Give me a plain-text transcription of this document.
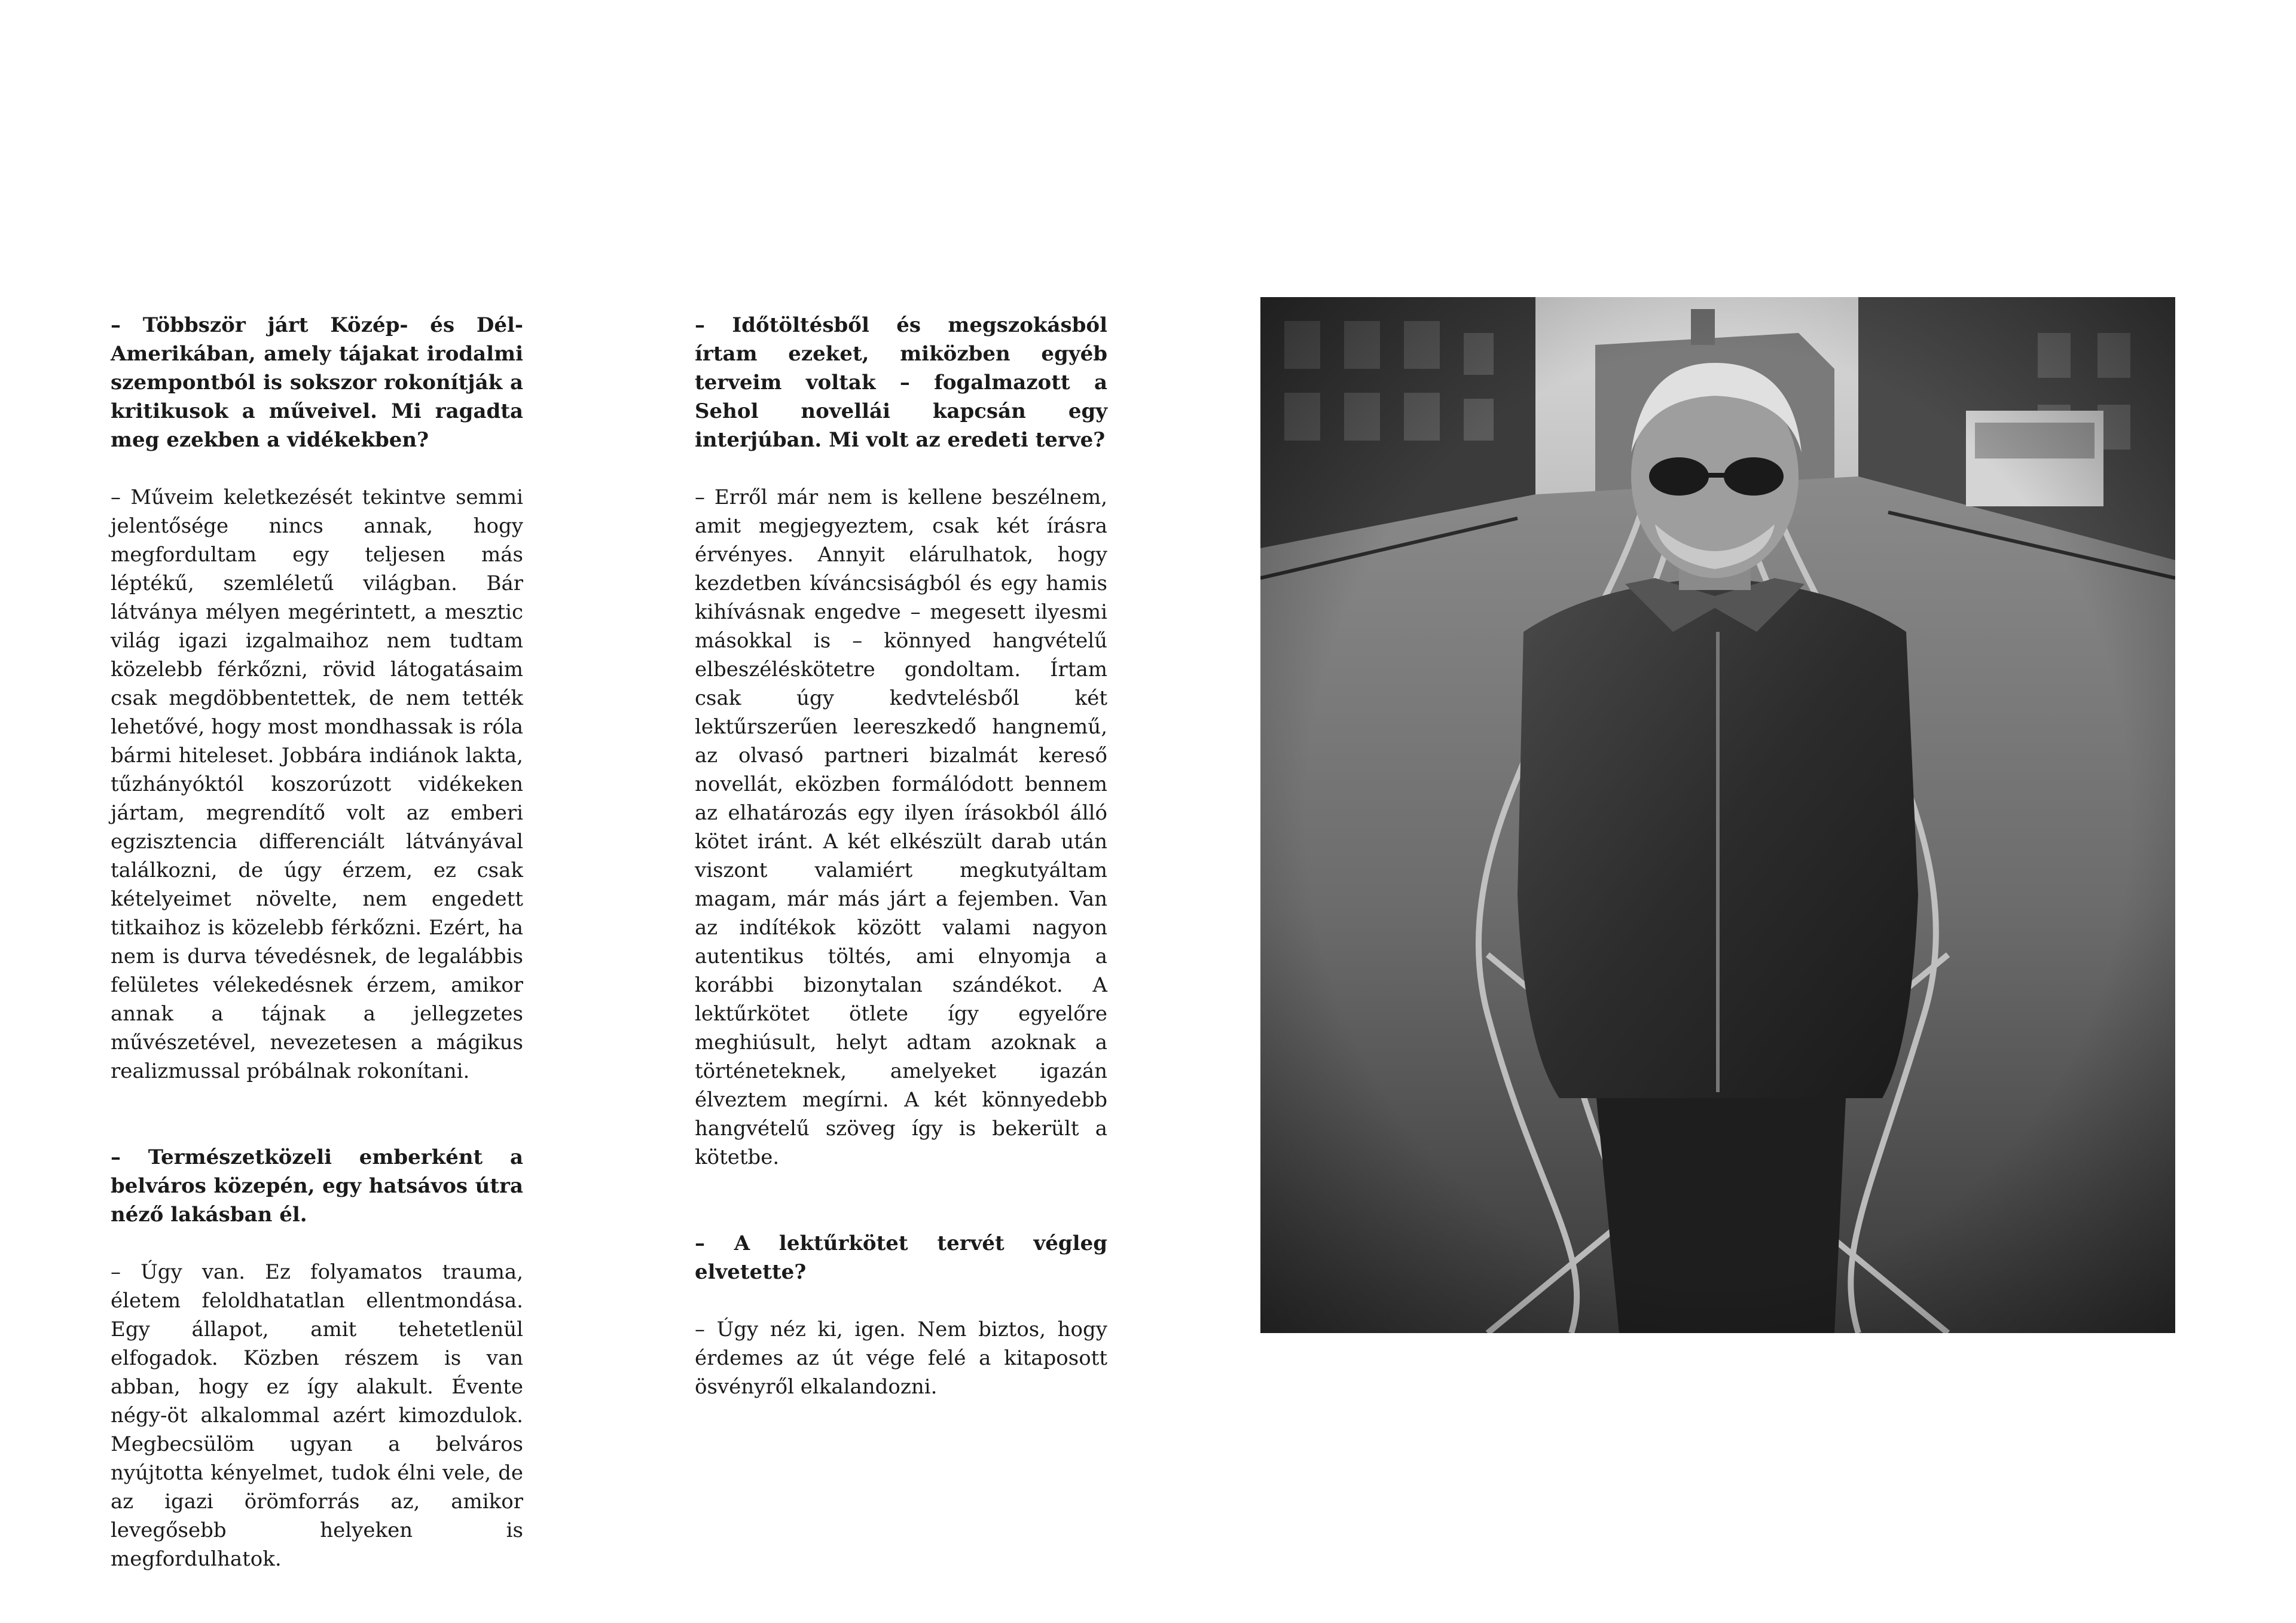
– Többször járt Közép- és Dél-Amerikában, amely tájakat irodalmi szempontból is sokszor rokonítják a kritikusok a műveivel. Mi ragadta meg ezekben a vidékekben?

– Műveim keletkezését tekintve semmi jelentősége nincs annak, hogy megfordultam egy teljesen más léptékű, szemléletű világban. Bár látványa mélyen megérintett, a mesztic világ igazi izgalmaihoz nem tudtam közelebb férkőzni, rövid látogatásaim csak megdöbbentettek, de nem tették lehetővé, hogy most mondhassak is róla bármi hiteleset. Jobbára indiánok lakta, tűzhányóktól koszorúzott vidékeken jártam, megrendítő volt az emberi egzisztencia differenciált látványával találkozni, de úgy érzem, ez csak kételyeimet növelte, nem engedett titkaihoz is közelebb férkőzni. Ezért, ha nem is durva tévedésnek, de legalábbis felületes vélekedésnek érzem, amikor annak a tájnak a jellegzetes művészetével, nevezetesen a mágikus realizmussal próbálnak rokonítani.

– Természetközeli emberként a belváros közepén, egy hatsávos útra néző lakásban él.

– Úgy van. Ez folyamatos trauma, életem feloldhatatlan ellentmondása. Egy állapot, amit tehetetlenül elfogadok. Közben részem is van abban, hogy ez így alakult. Évente négy-öt alkalommal azért kimozdulok. Megbecsülöm ugyan a belváros nyújtotta kényelmet, tudok élni vele, de az igazi örömforrás az, amikor levegősebb helyeken is megfordulhatok.

– Időtöltésből és megszokásból írtam ezeket, miközben egyéb terveim voltak – fogalmazott a Sehol novellái kapcsán egy interjúban. Mi volt az eredeti terve?

– Erről már nem is kellene beszélnem, amit megjegyeztem, csak két írásra érvényes. Annyit elárulhatok, hogy kezdetben kíváncsiságból és egy hamis kihívásnak engedve – megesett ilyesmi másokkal is – könnyed hangvételű elbeszéléskötetre gondoltam. Írtam csak úgy kedvtelésből két lektűrszerűen leereszkedő hangnemű, az olvasó partneri bizalmát kereső novellát, eközben formálódott bennem az elhatározás egy ilyen írásokból álló kötet iránt. A két elkészült darab után viszont valamiért megkutyáltam magam, már más járt a fejemben. Van az indítékok között valami nagyon autentikus töltés, ami elnyomja a korábbi bizonytalan szándékot. A lektűrkötet ötlete így egyelőre meghiúsult, helyt adtam azoknak a történeteknek, amelyeket igazán élveztem megírni. A két könnyedebb hangvételű szöveg így is bekerült a kötetbe.

– A lektűrkötet tervét végleg elvetette?

– Úgy néz ki, igen. Nem biztos, hogy érdemes az út vége felé a kitaposott ösvényről elkalandozni.
